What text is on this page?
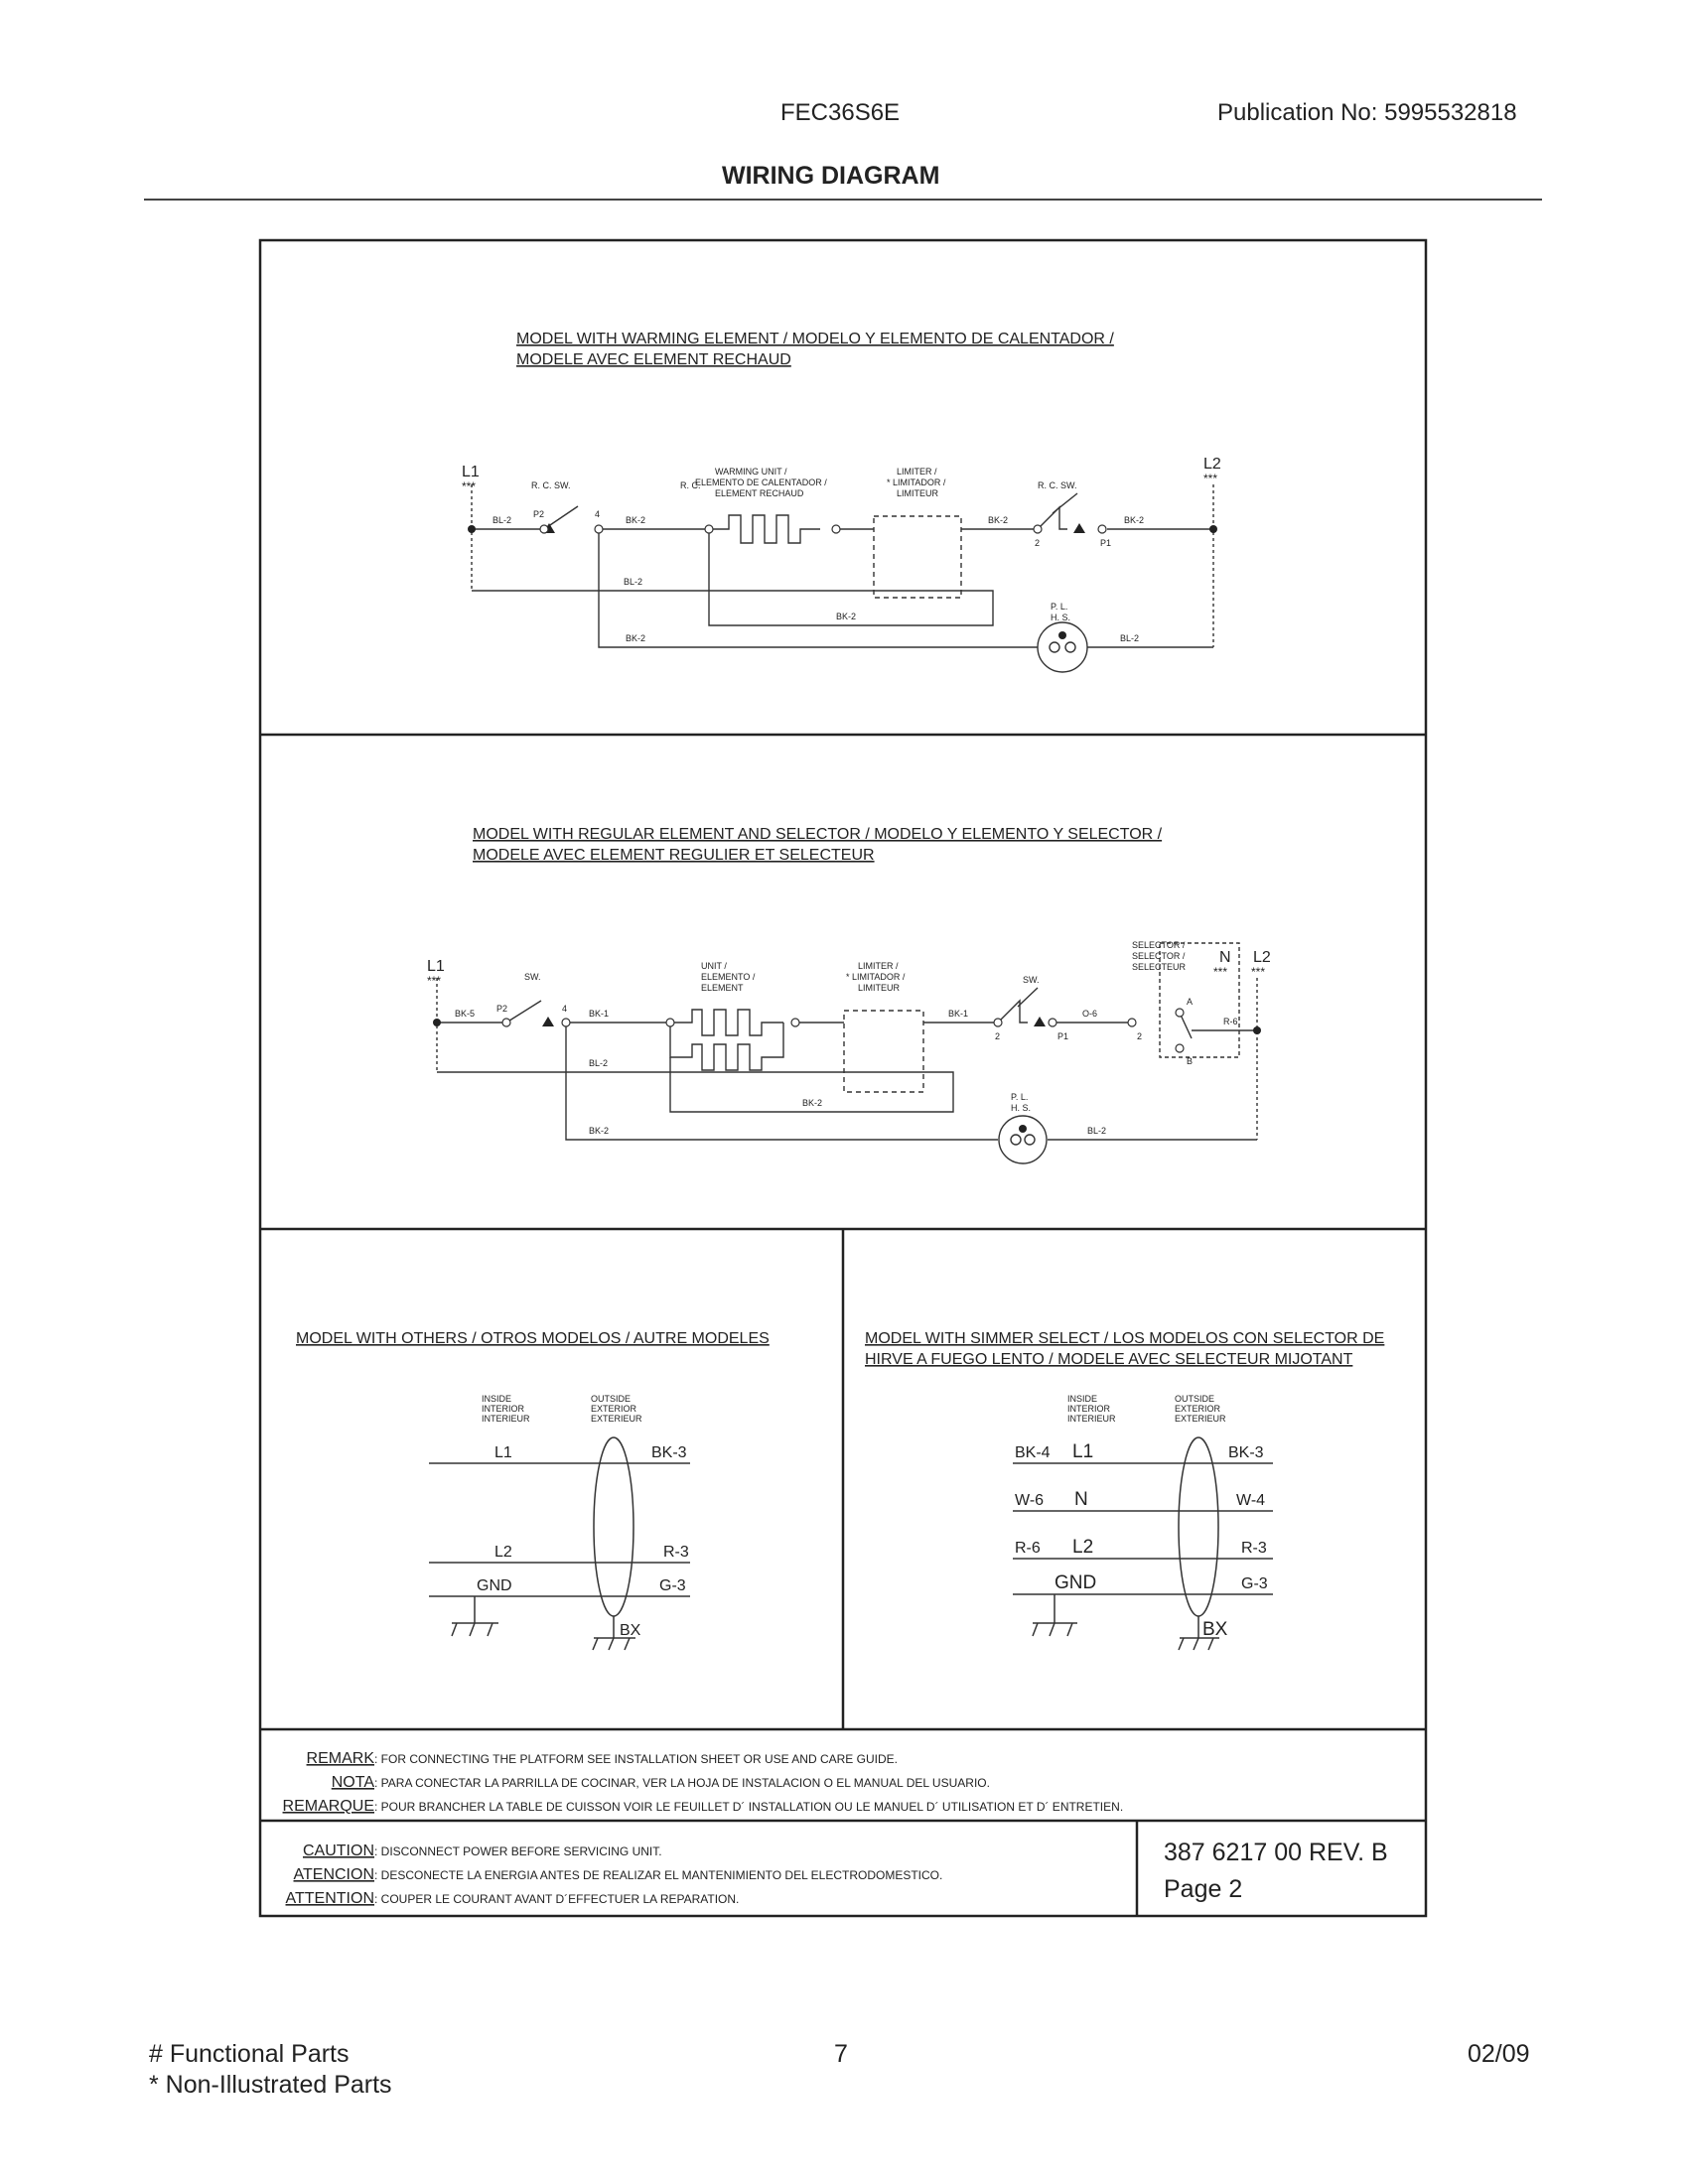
FEC36S6E	Publication No: 5995532818
WIRING DIAGRAM
MODEL WITH WARMING ELEMENT / MODELO Y ELEMENTO DE CALENTADOR /
MODELE AVEC ELEMENT RECHAUD
L1
***
L2
***
R. C. SW.	R. C.	R. C. SW.
BL-2
P2	4
BK-2
WARMING UNIT /
ELEMENTO DE CALENTADOR /
ELEMENT RECHAUD
LIMITER /
* LIMITADOR /
LIMITEUR
BK-2	BK-2
2	P1
BL-2
BK-2
BK-2	BL-2
P. L.
H. S.
MODEL WITH REGULAR ELEMENT AND SELECTOR / MODELO Y ELEMENTO Y SELECTOR /
MODELE AVEC ELEMENT REGULIER ET SELECTEUR
L1
***	SW.
BK-5 P2	4 BK-1
UNIT /
ELEMENTO /
ELEMENT
LIMITER /
* LIMITADOR /
LIMITEUR
BK-1
SW.
2	P1
O-6
SELECTOR /
SELECTOR /
SELECTEUR
N
***
L2
***
A
B
2
R-6
BL-2
BK-2
BK-2	BL-2
P. L.
H. S.
MODEL WITH OTHERS / OTROS MODELOS / AUTRE MODELES
INSIDE
INTERIOR
INTERIEUR
OUTSIDE
EXTERIOR
EXTERIEUR
L1	BK-3
L2	R-3
GND	G-3
BX
MODEL WITH SIMMER SELECT / LOS MODELOS CON SELECTOR DE
HIRVE A FUEGO LENTO / MODELE AVEC SELECTEUR MIJOTANT
INSIDE
INTERIOR
INTERIEUR
OUTSIDE
EXTERIOR
EXTERIEUR
BK-4 L1	BK-3
W-6 N	W-4
R-6 L2	R-3
GND	G-3
BX
REMARK : FOR CONNECTING THE PLATFORM SEE INSTALLATION SHEET OR USE AND CARE GUIDE.
NOTA : PARA CONECTAR LA PARRILLA DE COCINAR, VER LA HOJA DE INSTALACION O EL MANUAL DEL USUARIO.
REMARQUE : POUR BRANCHER LA TABLE DE CUISSON VOIR LE FEUILLET D´ INSTALLATION OU LE MANUEL D´ UTILISATION ET D´ ENTRETIEN.
CAUTION : DISCONNECT POWER BEFORE SERVICING UNIT.
ATENCION : DESCONECTE LA ENERGIA ANTES DE REALIZAR EL MANTENIMIENTO DEL ELECTRODOMESTICO.
ATTENTION : COUPER LE COURANT AVANT D´EFFECTUER LA REPARATION.
387 6217 00 REV. B
Page 2
# Functional Parts
* Non-Illustrated Parts
7	02/09
